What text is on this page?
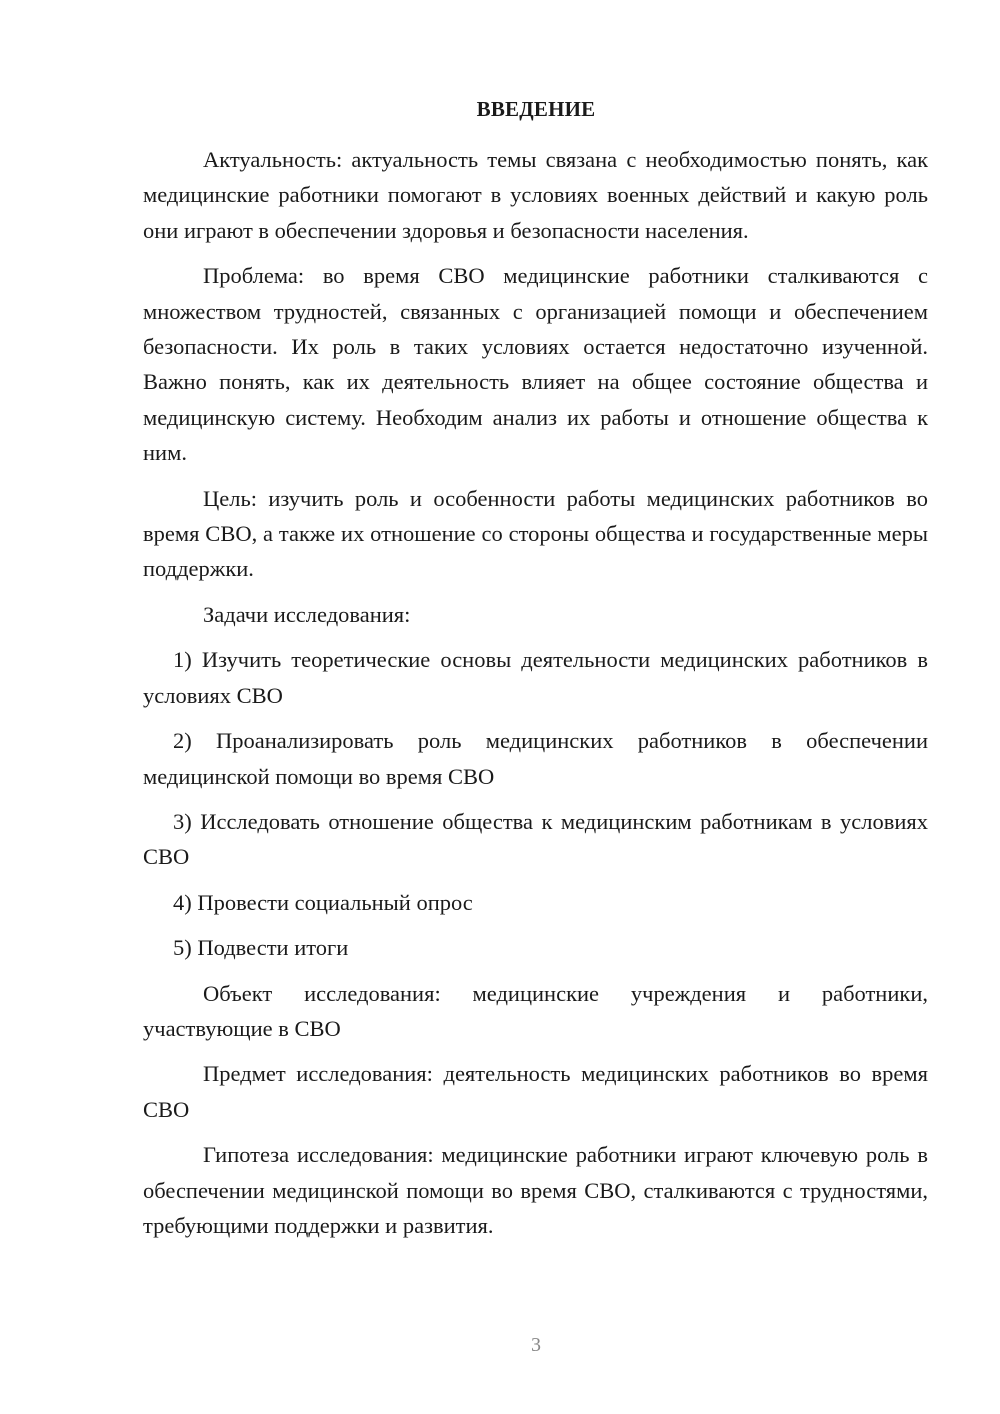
ВВЕДЕНИЕ

Актуальность: актуальность темы связана с необходимостью понять, как медицинские работники помогают в условиях военных действий и какую роль они играют в обеспечении здоровья и безопасности населения.

Проблема: во время СВО медицинские работники сталкиваются с множеством трудностей, связанных с организацией помощи и обеспечением безопасности. Их роль в таких условиях остается недостаточно изученной. Важно понять, как их деятельность влияет на общее состояние общества и медицинскую систему. Необходим анализ их работы и отношение общества к ним.

Цель: изучить роль и особенности работы медицинских работников во время СВО, а также их отношение со стороны общества и государственные меры поддержки.

Задачи исследования:

1) Изучить теоретические основы деятельности медицинских работников в условиях СВО

2) Проанализировать роль медицинских работников в обеспечении медицинской помощи во время СВО

3) Исследовать отношение общества к медицинским работникам в условиях СВО

4) Провести социальный опрос

5) Подвести итоги

Объект исследования: медицинские учреждения и работники, участвующие в СВО

Предмет исследования: деятельность медицинских работников во время СВО

Гипотеза исследования: медицинские работники играют ключевую роль в обеспечении медицинской помощи во время СВО, сталкиваются с трудностями, требующими поддержки и развития.

3
